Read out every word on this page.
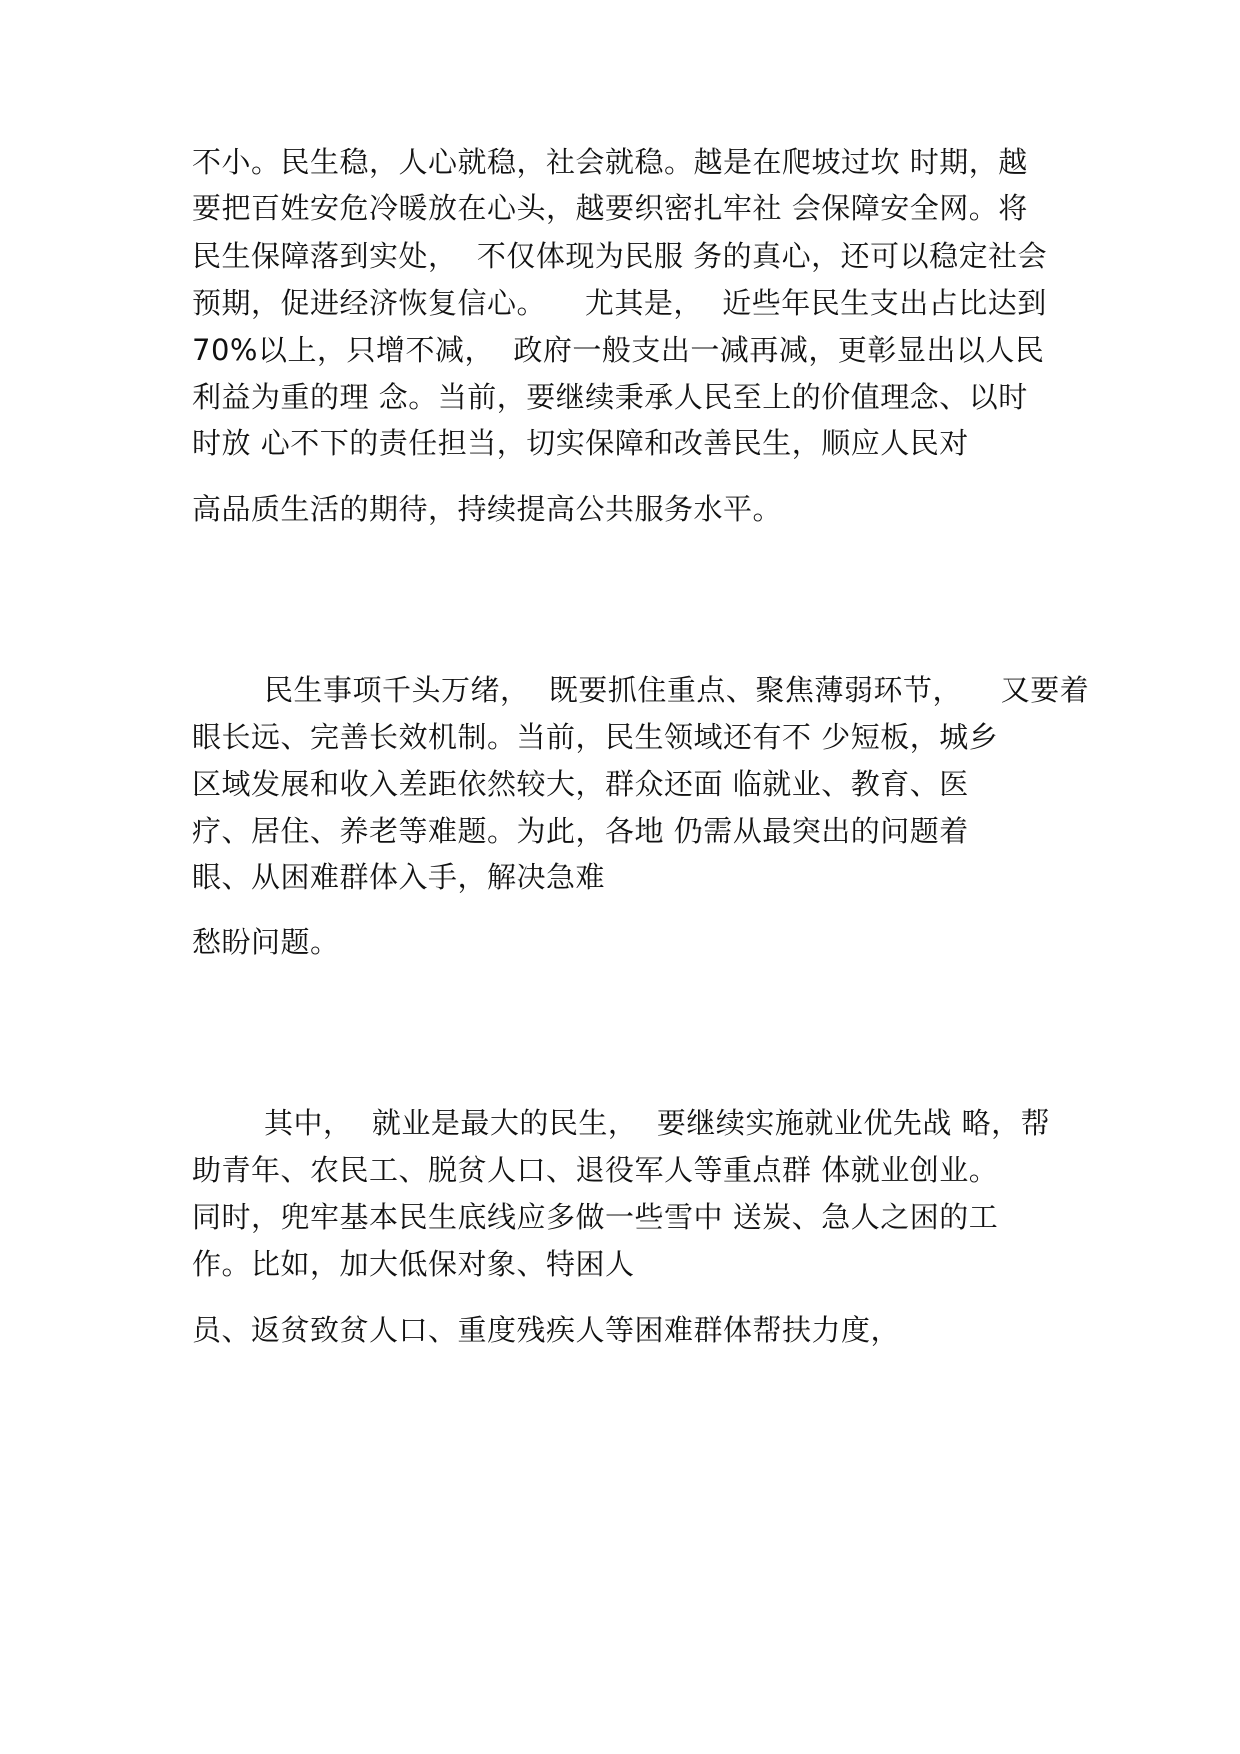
不小。民生稳，人心就稳，社会就稳。越是在爬坡过坎 时期，越
要把百姓安危冷暖放在心头，越要织密扎牢社 会保障安全网。将
民生保障落到实处，  不仅体现为民服 务的真心，还可以稳定社会
预期，促进经济恢复信心。    尤其是，  近些年民生支出占比达到
70%以上，只增不减，  政府一般支出一减再减，更彰显出以人民
利益为重的理 念。当前，要继续秉承人民至上的价值理念、以时
时放 心不下的责任担当，切实保障和改善民生，顺应人民对
高品质生活的期待，持续提高公共服务水平。
民生事项千头万绪，  既要抓住重点、聚焦薄弱环节，    又要着
眼长远、完善长效机制。当前，民生领域还有不 少短板，城乡
区域发展和收入差距依然较大，群众还面 临就业、教育、医
疗、居住、养老等难题。为此，各地 仍需从最突出的问题着
眼、从困难群体入手，解决急难
愁盼问题。
其中，  就业是最大的民生，  要继续实施就业优先战 略，帮
助青年、农民工、脱贫人口、退役军人等重点群 体就业创业。
同时，兜牢基本民生底线应多做一些雪中 送炭、急人之困的工
作。比如，加大低保对象、特困人
员、返贫致贫人口、重度残疾人等困难群体帮扶力度，
